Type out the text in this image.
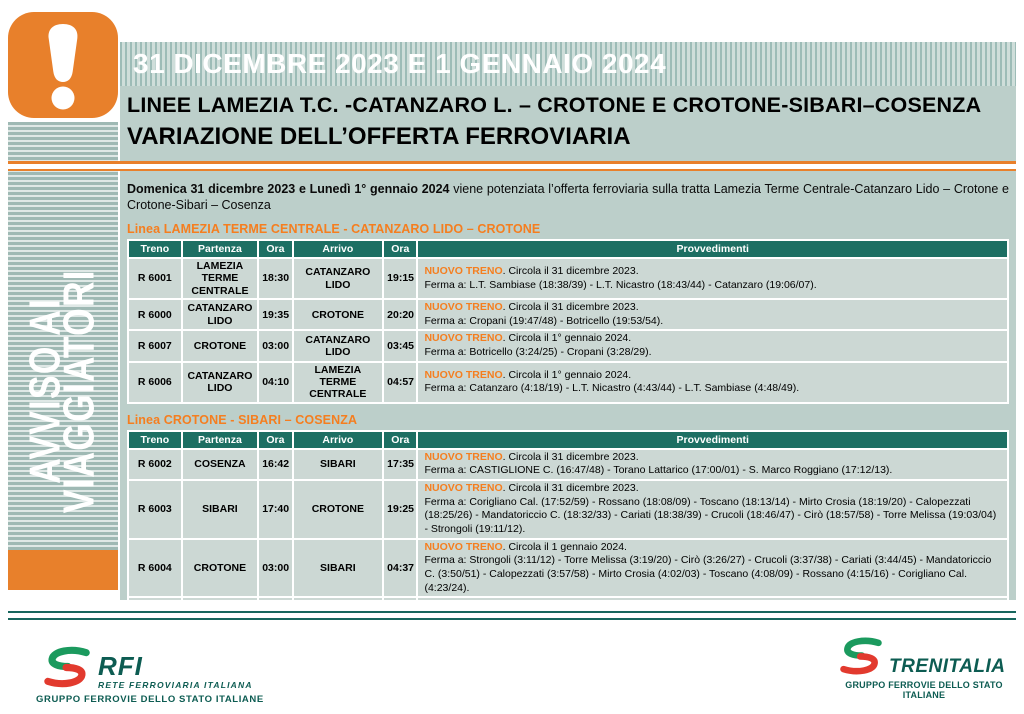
AVVISO AI
VIAGGIATORI
31 DICEMBRE 2023 E 1 GENNAIO 2024
LINEE LAMEZIA T.C. -CATANZARO L. – CROTONE E CROTONE-SIBARI–COSENZA
VARIAZIONE DELL’OFFERTA FERROVIARIA

Domenica 31 dicembre 2023 e Lunedì 1° gennaio 2024 viene potenziata l’offerta ferroviaria sulla tratta Lamezia Terme Centrale-Catanzaro Lido – Crotone e Crotone-Sibari – Cosenza

Linea LAMEZIA TERME CENTRALE - CATANZARO LIDO – CROTONE
Treno	Partenza	Ora	Arrivo	Ora	Provvedimenti
R 6001	LAMEZIA TERME CENTRALE	18:30	CATANZARO LIDO	19:15	NUOVO TRENO. Circola il 31 dicembre 2023.
Ferma a: L.T. Sambiase (18:38/39) - L.T. Nicastro (18:43/44) - Catanzaro (19:06/07).
R 6000	CATANZARO LIDO	19:35	CROTONE	20:20	NUOVO TRENO. Circola il 31 dicembre 2023.
Ferma a: Cropani (19:47/48) - Botricello (19:53/54).
R 6007	CROTONE	03:00	CATANZARO LIDO	03:45	NUOVO TRENO. Circola il 1° gennaio 2024.
Ferma a: Botricello (3:24/25) - Cropani (3:28/29).
R 6006	CATANZARO LIDO	04:10	LAMEZIA TERME CENTRALE	04:57	NUOVO TRENO. Circola il 1° gennaio 2024.
Ferma a: Catanzaro (4:18/19) - L.T. Nicastro (4:43/44) - L.T. Sambiase (4:48/49).
Linea CROTONE - SIBARI – COSENZA
Treno	Partenza	Ora	Arrivo	Ora	Provvedimenti
R 6002	COSENZA	16:42	SIBARI	17:35	NUOVO TRENO. Circola il 31 dicembre 2023.
Ferma a: CASTIGLIONE C. (16:47/48) - Torano Lattarico (17:00/01) - S. Marco Roggiano (17:12/13).
R 6003	SIBARI	17:40	CROTONE	19:25	NUOVO TRENO. Circola il 31 dicembre 2023.
Ferma a: Corigliano Cal. (17:52/59) - Rossano (18:08/09) - Toscano (18:13/14) - Mirto Crosia (18:19/20) - Calopezzati (18:25/26) - Mandatoriccio C. (18:32/33) - Cariati (18:38/39) - Crucoli (18:46/47) - Cirò (18:57/58) - Torre Melissa (19:03/04) - Strongoli (19:11/12).
R 6004	CROTONE	03:00	SIBARI	04:37	NUOVO TRENO. Circola il 1 gennaio 2024.
Ferma a: Strongoli (3:11/12) - Torre Melissa (3:19/20) - Cirò (3:26/27) - Crucoli (3:37/38) - Cariati (3:44/45) - Mandatoriccio C. (3:50/51) - Calopezzati (3:57/58) - Mirto Crosia (4:02/03) - Toscano (4:08/09) - Rossano (4:15/16) - Corigliano Cal. (4:23/24).

RFI
RETE FERROVIARIA ITALIANA
GRUPPO FERROVIE DELLO STATO ITALIANE
TRENITALIA
GRUPPO FERROVIE DELLO STATO ITALIANE
